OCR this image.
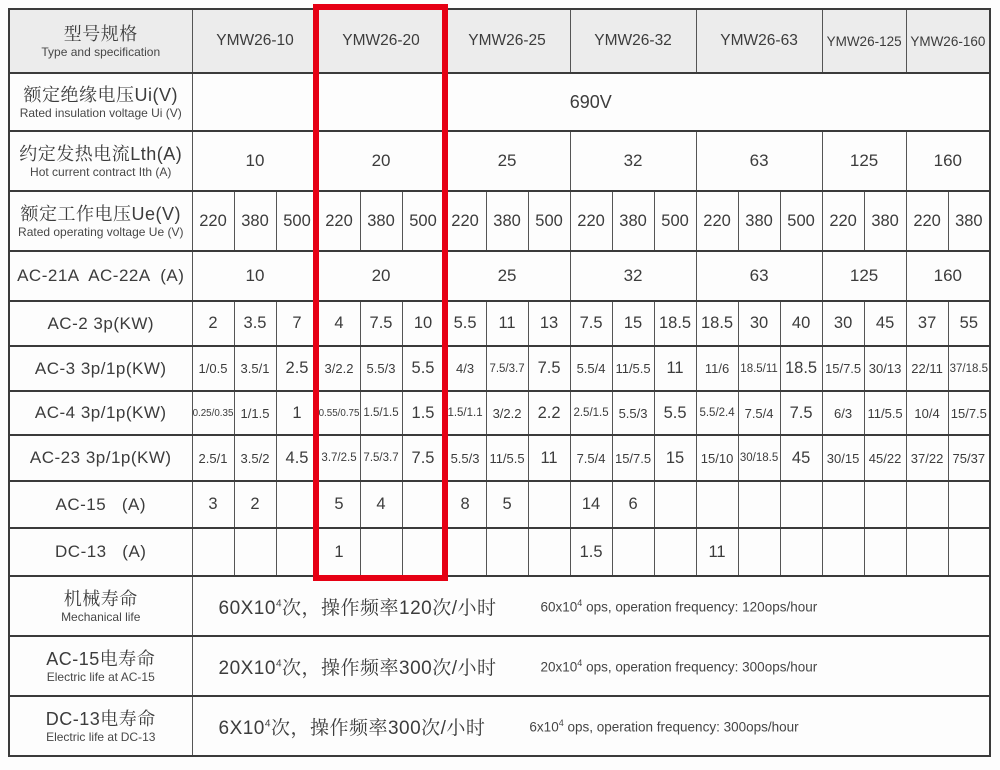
型号规格
Type and specification	YMW26-10			YMW26-20			YMW26-25			YMW26-32			YMW26-63			YMW26-125		YMW26-160	

额定绝缘电压Ui(V)
Rated insulation voltage Ui (V)	690V																		

约定发热电流Lth(A)
Hot current contract Ith (A)	10			20			25			32			63			125		160	

额定工作电压Ue(V)
Rated operating voltage Ue (V)	220	380	500	220	380	500	220	380	500	220	380	500	220	380	500	220	380	220	380

AC-21A  AC-22A  (A)	10			20			25			32			63			125		160	

AC-2 3p(KW)	2	3.5	7	4	7.5	10	5.5	11	13	7.5	15	18.5	18.5	30	40	30	45	37	55

AC-3 3p/1p(KW)	1/0.5	3.5/1	2.5	3/2.2	5.5/3	5.5	4/3	7.5/3.7	7.5	5.5/4	11/5.5	11	11/6	18.5/11	18.5	15/7.5	30/13	22/11	37/18.5

AC-4 3p/1p(KW)	0.25/0.35	1/1.5	1	0.55/0.75	1.5/1.5	1.5	1.5/1.1	3/2.2	2.2	2.5/1.5	5.5/3	5.5	5.5/2.4	7.5/4	7.5	6/3	11/5.5	10/4	15/7.5

AC-23 3p/1p(KW)	2.5/1	3.5/2	4.5	3.7/2.5	7.5/3.7	7.5	5.5/3	11/5.5	11	7.5/4	15/7.5	15	15/10	30/18.5	45	30/15	45/22	37/22	75/37

AC-15   (A)	3	2		5	4		8	5		14	6								

DC-13   (A)				1						1.5			11						

机械寿命
Mechanical life	$60X10^4$次，操作频率120次/小时	$60x10^4$ ops, operation frequency: 120ops/hour

AC-15电寿命
Electric life at AC-15	$20X10^4$次，操作频率300次/小时	$20x10^4$ ops, operation frequency: 300ops/hour

DC-13电寿命
Electric life at DC-13	$6X10^4$次，操作频率300次/小时	$6x10^4$ ops, operation frequency: 300ops/hour
